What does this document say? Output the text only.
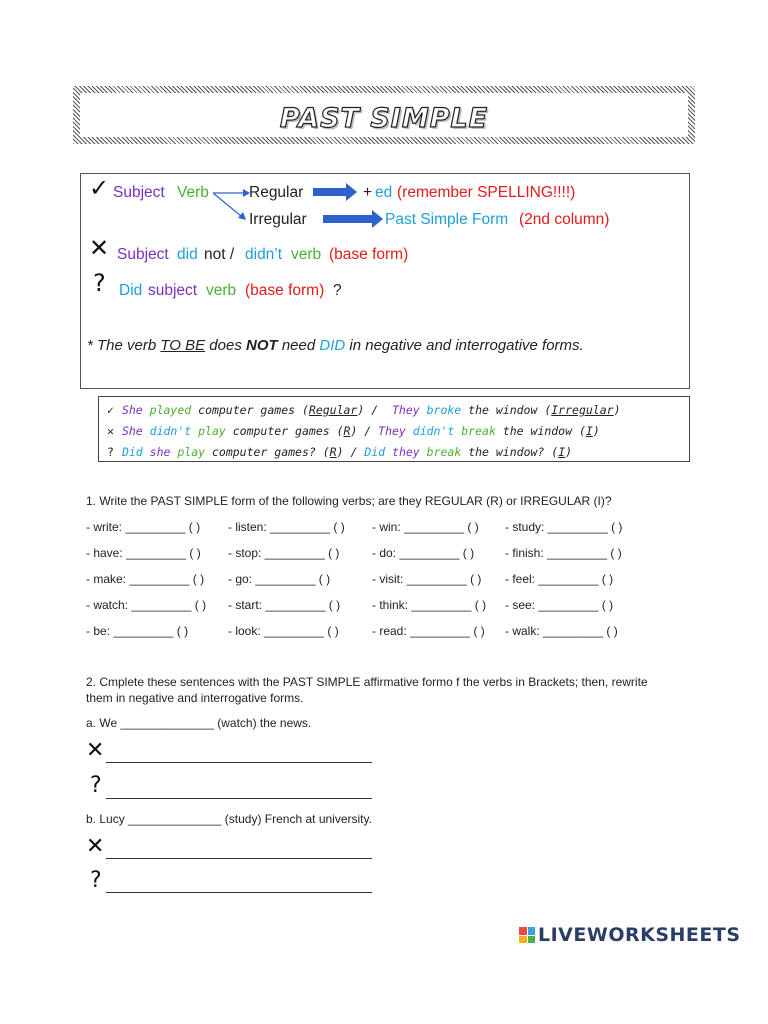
PAST SIMPLE
✓ Subject Verb	Regular	+ ed (remember SPELLING!!!!)
Irregular	Past Simple Form (2nd column)
✕ Subject did not / didn’t verb (base form)
? Did subject verb (base form) ?
* The verb TO BE does NOT need DID in negative and interrogative forms.
✓ She played computer games (Regular) /  They broke the window (Irregular)
✕ She didn't play computer games (R) / They didn't break the window (I)
? Did she play computer games? (R) / Did they break the window? (I)
1. Write the PAST SIMPLE form of the following verbs; are they REGULAR (R) or IRREGULAR (I)?
- write: _________ ( ) - listen: _________ ( ) - win: _________ ( ) - study: _________ ( )
- have: _________ ( ) - stop: _________ ( )	- do: _________ ( )	- finish: _________ ( )
- make: _________ ( ) - go: _________ ( )	- visit: _________ ( ) - feel: _________ ( )
- watch: _________ ( ) - start: _________ ( )	- think: _________ ( ) - see: _________ ( )
- be: _________ ( )	- look: _________ ( )	- read: _________ ( ) - walk: _________ ( )
2. Cmplete these sentences with the PAST SIMPLE affirmative formo f the verbs in Brackets; then, rewrite
them in negative and interrogative forms.
a. We ______________ (watch) the news.
✕
?
b. Lucy ______________ (study) French at university.
✕
?
LIVEWORKSHEETS
